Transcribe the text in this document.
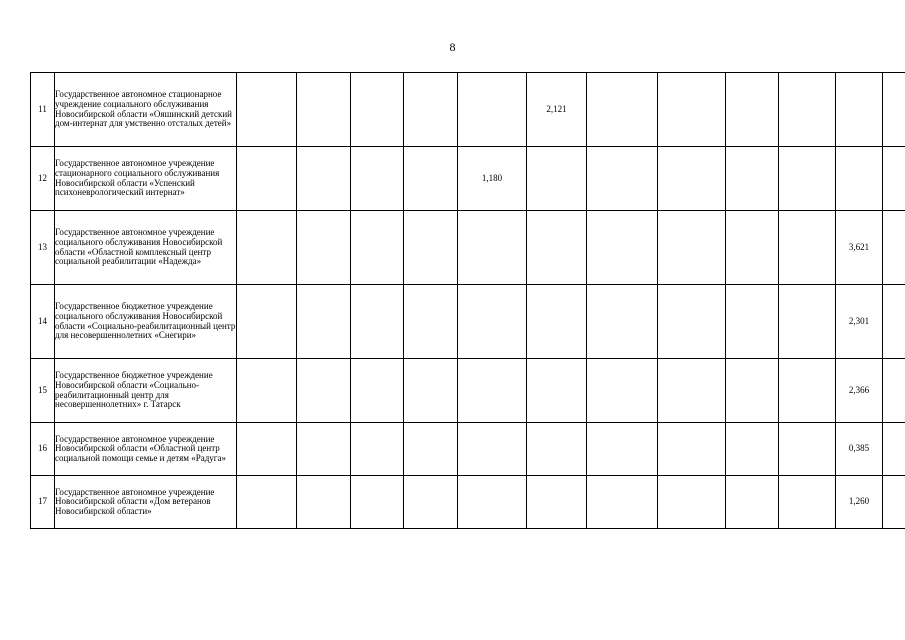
8
11	Государственное автономное стационарное учреждение социального обслуживания Новосибирской области «Ояшинский детский дом-интернат для умственно отсталых детей»						2,121						
12	Государственное автономное учреждение стационарного социального обслуживания Новосибирской области «Успенский психоневрологический интернат»					1,180							
13	Государственное автономное учреждение социального обслуживания Новосибирской области «Областной комплексный центр социальной реабилитации «Надежда»											3,621	
14	Государственное бюджетное учреждение социального обслуживания Новосибирской области «Социально-реабилитационный центр для несовершеннолетних «Снегири»											2,301	
15	Государственное бюджетное учреждение Новосибирской области «Социально-реабилитационный центр для несовершеннолетних» г. Татарск											2,366	
16	Государственное автономное учреждение Новосибирской области «Областной центр социальной помощи семье и детям «Радуга»											0,385	
17	Государственное автономное учреждение Новосибирской области «Дом ветеранов Новосибирской области»											1,260	
